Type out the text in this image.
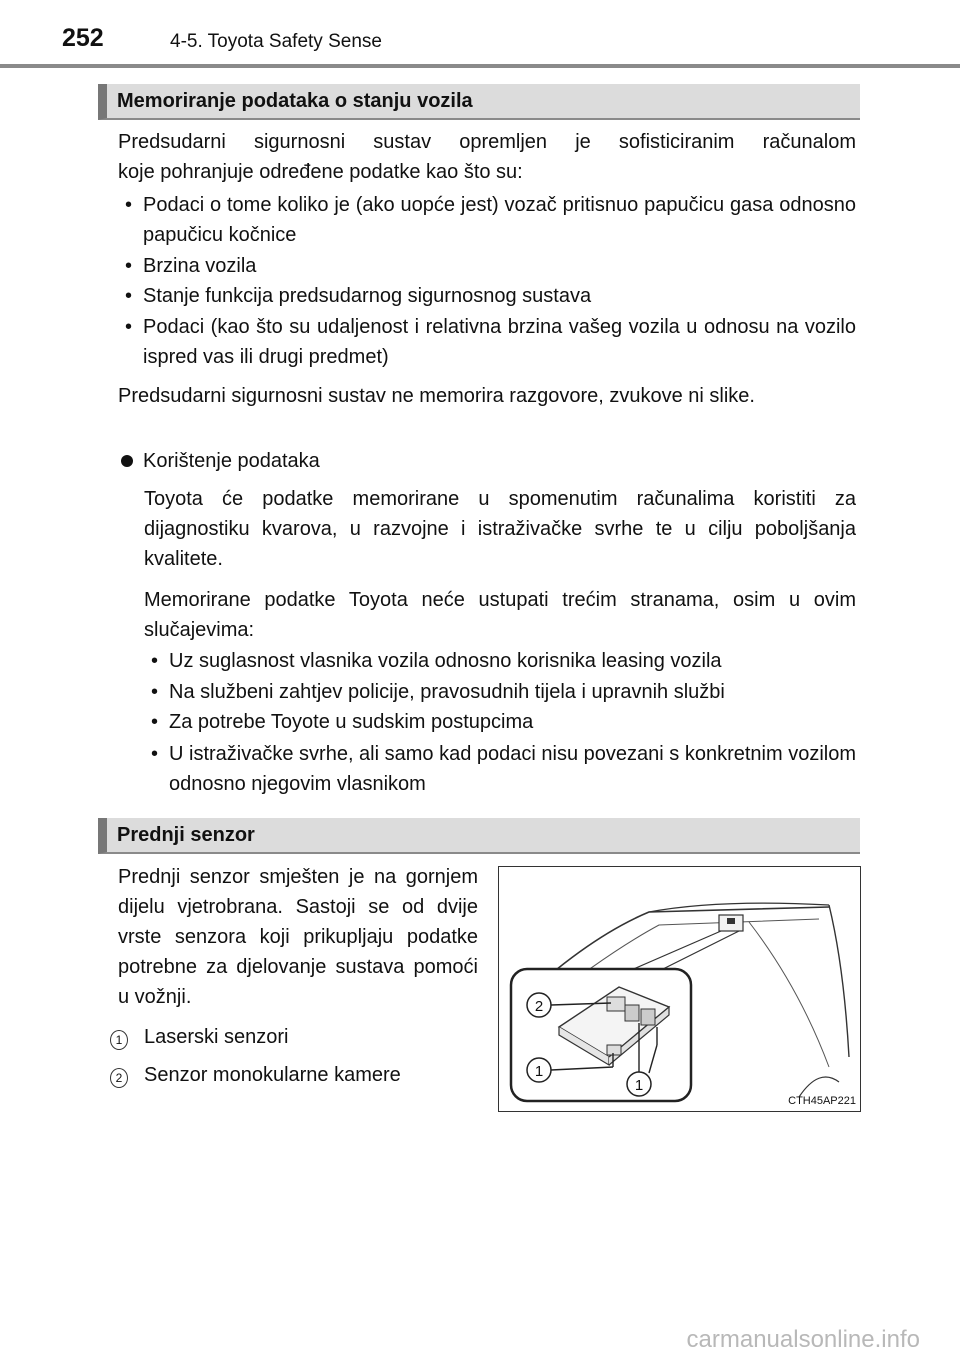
252	4-5. Toyota Safety Sense
Memoriranje podataka o stanju vozila

Predsudarni sigurnosni sustav opremljen je sofisticiranim računalom

koje pohranjuje određene podatke kao što su:

• Podaci o tome koliko je (ako uopće jest) vozač pritisnuo papučicu gasa odnosno papučicu kočnice
• Brzina vozila
• Stanje funkcija predsudarnog sigurnosnog sustava
• Podaci (kao što su udaljenost i relativna brzina vašeg vozila u odnosu na vozilo ispred vas ili drugi predmet)

Predsudarni sigurnosni sustav ne memorira razgovore, zvukove ni slike.

Korištenje podataka

Toyota će podatke memorirane u spomenutim računalima koristiti za dijagnostiku kvarova, u razvojne i istraživačke svrhe te u cilju poboljšanja kvalitete.

Memorirane podatke Toyota neće ustupati trećim stranama, osim u ovim slučajevima:

• Uz suglasnost vlasnika vozila odnosno korisnika leasing vozila
• Na službeni zahtjev policije, pravosudnih tijela i upravnih službi
• Za potrebe Toyote u sudskim postupcima
• U istraživačke svrhe, ali samo kad podaci nisu povezani s konkretnim vozilom odnosno njegovim vlasnikom
Prednji senzor

Prednji senzor smješten je na gornjem dijelu vjetrobrana. Sastoji se od dvije vrste senzora koji prikupljaju podatke potrebne za djelovanje sustava pomoći u vožnji.

1 Laserski senzori
2 Senzor monokularne kamere
2
1
1
CTH45AP221
carmanualsonline.info
